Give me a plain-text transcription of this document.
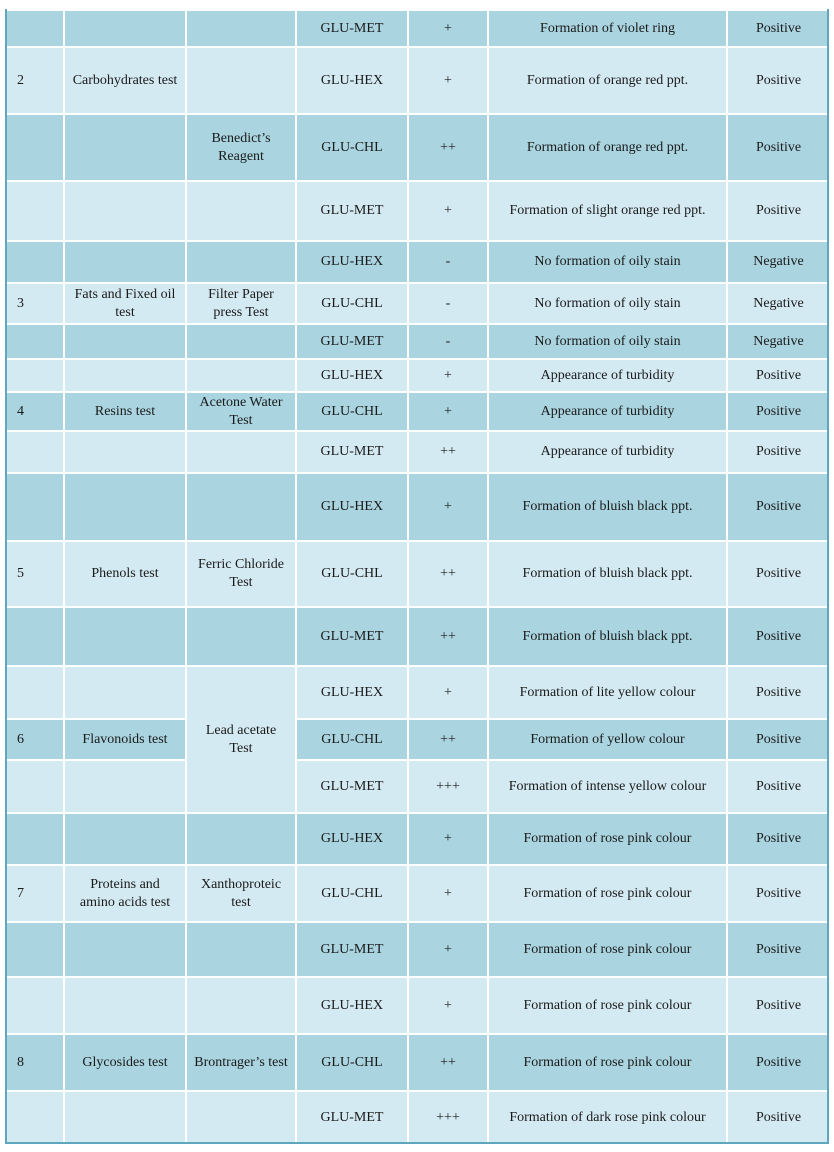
			GLU-MET	+	Formation of violet ring	Positive
2	Carbohydrates test		GLU-HEX	+	Formation of orange red ppt.	Positive
		Benedict’s Reagent	GLU-CHL	++	Formation of orange red ppt.	Positive
			GLU-MET	+	Formation of slight orange red ppt.	Positive
			GLU-HEX	-	No formation of oily stain	Negative
3	Fats and Fixed oil test	Filter Paper press Test	GLU-CHL	-	No formation of oily stain	Negative
			GLU-MET	-	No formation of oily stain	Negative
			GLU-HEX	+	Appearance of turbidity	Positive
4	Resins test	Acetone Water Test	GLU-CHL	+	Appearance of turbidity	Positive
			GLU-MET	++	Appearance of turbidity	Positive
			GLU-HEX	+	Formation of bluish black ppt.	Positive
5	Phenols test	Ferric Chloride Test	GLU-CHL	++	Formation of bluish black ppt.	Positive
			GLU-MET	++	Formation of bluish black ppt.	Positive
		Lead acetate Test	GLU-HEX	+	Formation of lite yellow colour	Positive
6	Flavonoids test		GLU-CHL	++	Formation of yellow colour	Positive
			GLU-MET	+++	Formation of intense yellow colour	Positive
			GLU-HEX	+	Formation of rose pink colour	Positive
7	Proteins and amino acids test	Xanthoproteic test	GLU-CHL	+	Formation of rose pink colour	Positive
			GLU-MET	+	Formation of rose pink colour	Positive
			GLU-HEX	+	Formation of rose pink colour	Positive
8	Glycosides test	Brontrager’s test	GLU-CHL	++	Formation of rose pink colour	Positive
			GLU-MET	+++	Formation of dark rose pink colour	Positive
